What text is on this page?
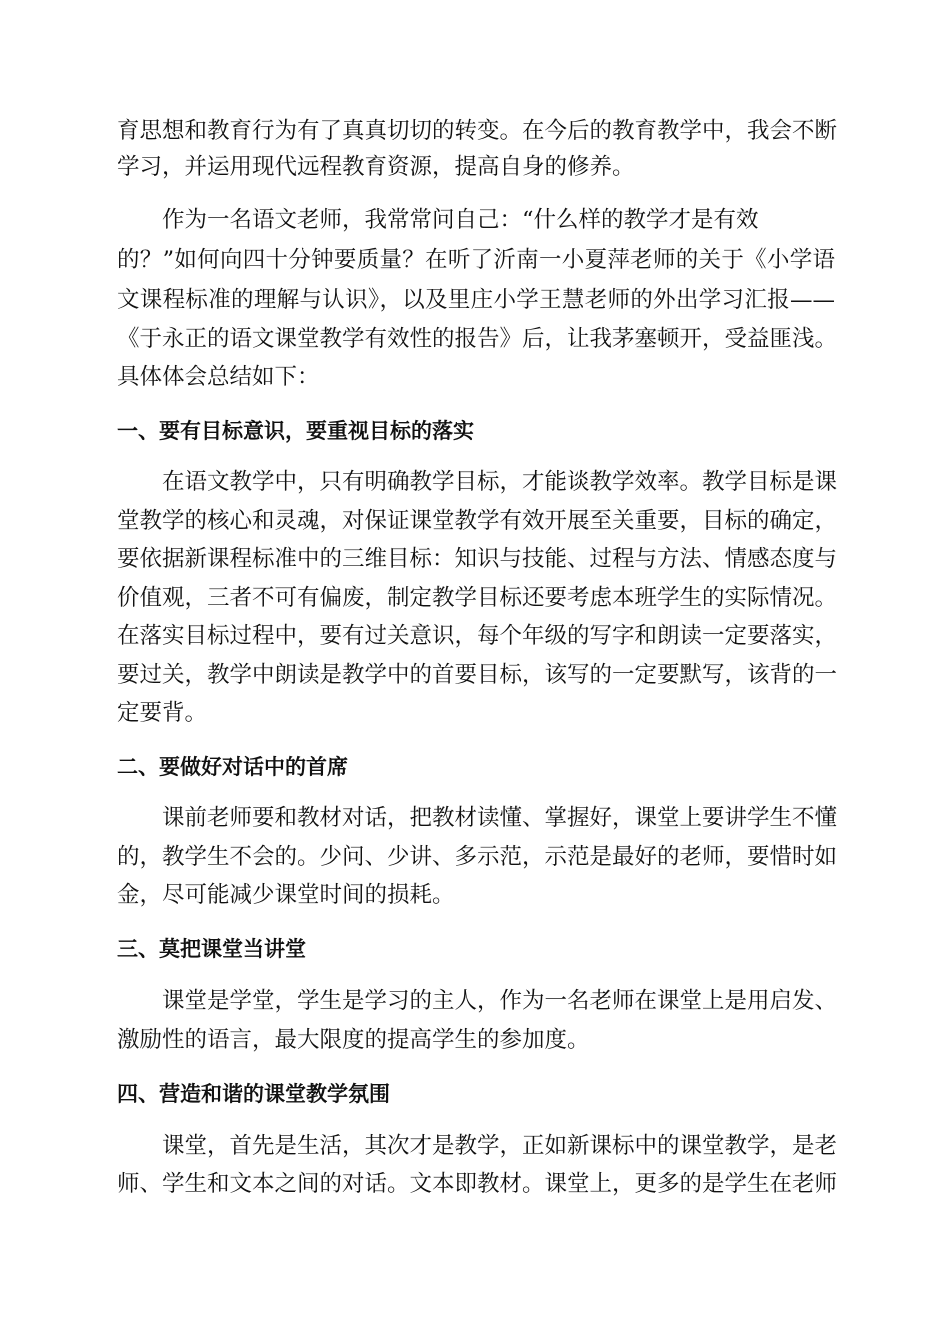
育思想和教育行为有了真真切切的转变。在今后的教育教学中，我会不断
学习，并运用现代远程教育资源，提高自身的修养。
作为一名语文老师，我常常问自己：“什么样的教学才是有效
的？”如何向四十分钟要质量？在听了沂南一小夏萍老师的关于《小学语
文课程标准的理解与认识》，以及里庄小学王慧老师的外出学习汇报——
《于永正的语文课堂教学有效性的报告》后，让我茅塞顿开，受益匪浅。
具体体会总结如下：
一、要有目标意识，要重视目标的落实
在语文教学中，只有明确教学目标，才能谈教学效率。教学目标是课
堂教学的核心和灵魂，对保证课堂教学有效开展至关重要，目标的确定，
要依据新课程标准中的三维目标：知识与技能、过程与方法、情感态度与
价值观，三者不可有偏废，制定教学目标还要考虑本班学生的实际情况。
在落实目标过程中，要有过关意识，每个年级的写字和朗读一定要落实，
要过关，教学中朗读是教学中的首要目标，该写的一定要默写，该背的一
定要背。
二、要做好对话中的首席
课前老师要和教材对话，把教材读懂、掌握好，课堂上要讲学生不懂
的，教学生不会的。少问、少讲、多示范，示范是最好的老师，要惜时如
金，尽可能减少课堂时间的损耗。
三、莫把课堂当讲堂
课堂是学堂，学生是学习的主人，作为一名老师在课堂上是用启发、
激励性的语言，最大限度的提高学生的参加度。
四、营造和谐的课堂教学氛围
课堂，首先是生活，其次才是教学，正如新课标中的课堂教学，是老
师、学生和文本之间的对话。文本即教材。课堂上，更多的是学生在老师
